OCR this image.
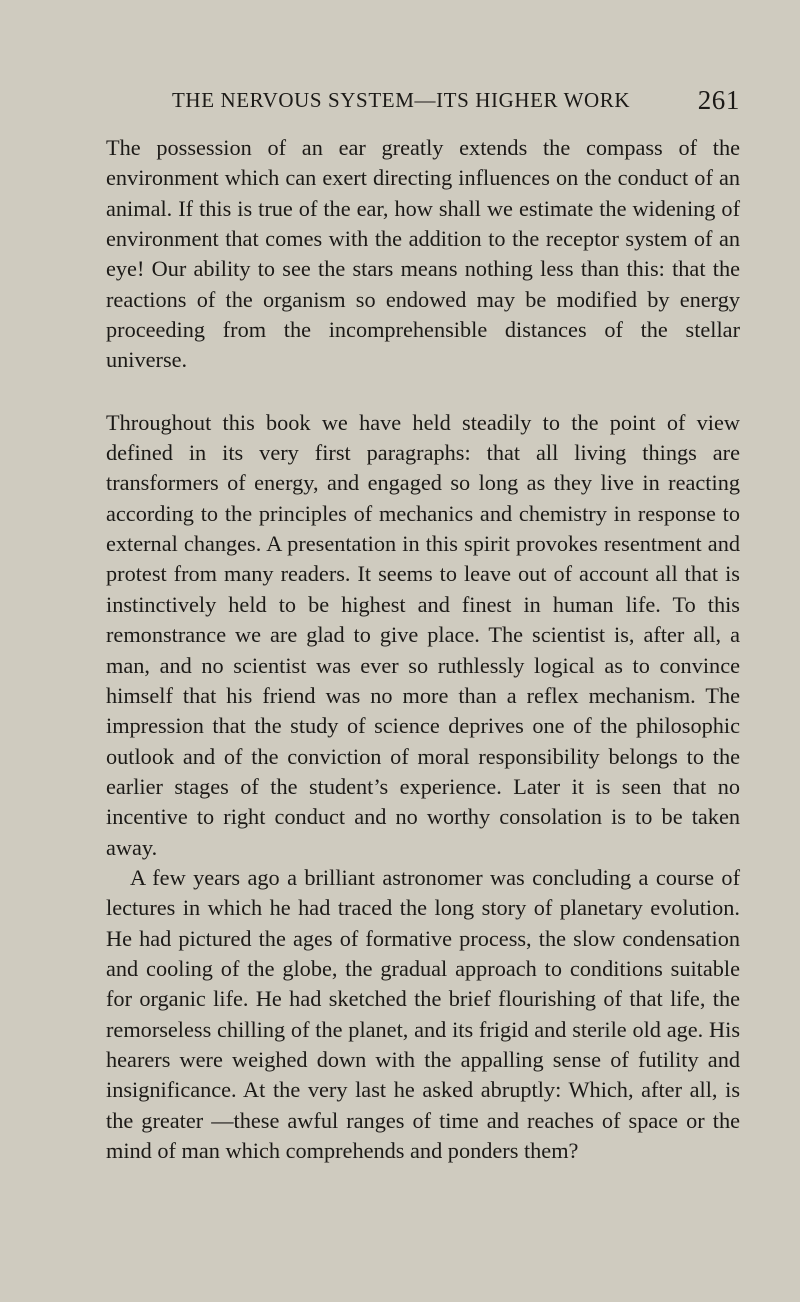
THE NERVOUS SYSTEM—ITS HIGHER WORK	261

The possession of an ear greatly extends the compass of the environment which can exert directing influences on the conduct of an animal. If this is true of the ear, how shall we estimate the widening of environment that comes with the addition to the receptor system of an eye! Our ability to see the stars means nothing less than this: that the reactions of the organism so endowed may be modified by energy proceeding from the incomprehensible distances of the stellar universe.

Throughout this book we have held steadily to the point of view defined in its very first paragraphs: that all living things are transformers of energy, and engaged so long as they live in reacting according to the principles of mechanics and chemistry in response to external changes. A presentation in this spirit provokes resentment and protest from many readers. It seems to leave out of account all that is instinctively held to be highest and finest in human life. To this remonstrance we are glad to give place. The scientist is, after all, a man, and no scientist was ever so ruthlessly logical as to convince himself that his friend was no more than a reflex mechanism. The impression that the study of science deprives one of the philosophic outlook and of the conviction of moral responsibility belongs to the earlier stages of the student’s experience. Later it is seen that no incentive to right conduct and no worthy consolation is to be taken away.

A few years ago a brilliant astronomer was concluding a course of lectures in which he had traced the long story of planetary evolution. He had pictured the ages of formative process, the slow condensation and cooling of the globe, the gradual approach to conditions suitable for organic life. He had sketched the brief flourishing of that life, the remorseless chilling of the planet, and its frigid and sterile old age. His hearers were weighed down with the appalling sense of futility and insignificance. At the very last he asked abruptly: Which, after all, is the greater —these awful ranges of time and reaches of space or the mind of man which comprehends and ponders them?
